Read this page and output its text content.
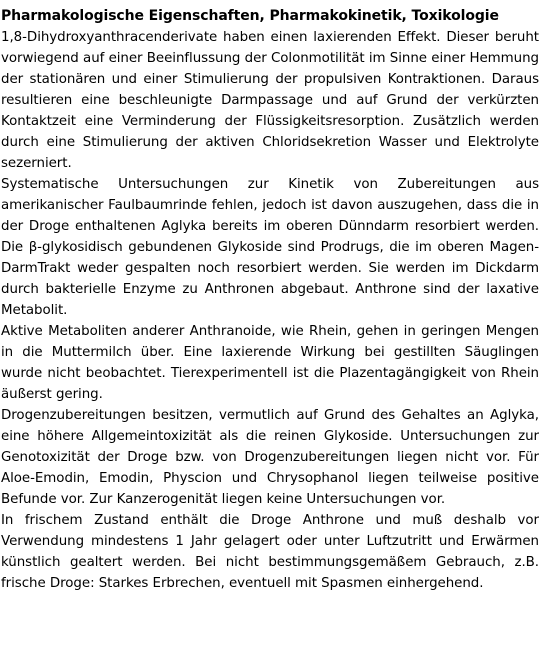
Pharmakologische Eigenschaften, Pharmakokinetik, Toxikologie

1,8-Dihydroxyanthracenderivate haben einen laxierenden Effekt. Dieser beruht vorwiegend auf einer Beeinflussung der Colonmotilität im Sinne einer Hemmung der stationären und einer Stimulierung der propulsiven Kontraktionen. Daraus resultieren eine beschleunigte Darmpassage und auf Grund der verkürzten Kontaktzeit eine Verminderung der Flüssigkeitsresorption. Zusätzlich werden durch eine Stimulierung der aktiven Chloridsekretion Wasser und Elektrolyte sezerniert.

Systematische Untersuchungen zur Kinetik von Zubereitungen aus amerikanischer Faulbaumrinde fehlen, jedoch ist davon auszugehen, dass die in der Droge enthaltenen Aglyka bereits im oberen Dünndarm resorbiert werden. Die β-glykosidisch gebundenen Glykoside sind Prodrugs, die im oberen Magen-DarmTrakt weder gespalten noch resorbiert werden. Sie werden im Dickdarm durch bakterielle Enzyme zu Anthronen abgebaut. Anthrone sind der laxative Metabolit.

Aktive Metaboliten anderer Anthranoide, wie Rhein, gehen in geringen Mengen in die Muttermilch über. Eine laxierende Wirkung bei gestillten Säuglingen wurde nicht beobachtet. Tierexperimentell ist die Plazentagängigkeit von Rhein äußerst gering.

Drogenzubereitungen besitzen, vermutlich auf Grund des Gehaltes an Aglyka, eine höhere Allgemeintoxizität als die reinen Glykoside. Untersuchungen zur Genotoxizität der Droge bzw. von Drogenzubereitungen liegen nicht vor. Für Aloe-Emodin, Emodin, Physcion und Chrysophanol liegen teilweise positive Befunde vor. Zur Kanzerogenität liegen keine Untersuchungen vor.

In frischem Zustand enthält die Droge Anthrone und muß deshalb vor Verwendung mindestens 1 Jahr gelagert oder unter Luftzutritt und Erwärmen künstlich gealtert werden. Bei nicht bestimmungsgemäßem Gebrauch, z.B. frische Droge: Starkes Erbrechen, eventuell mit Spasmen einhergehend.
